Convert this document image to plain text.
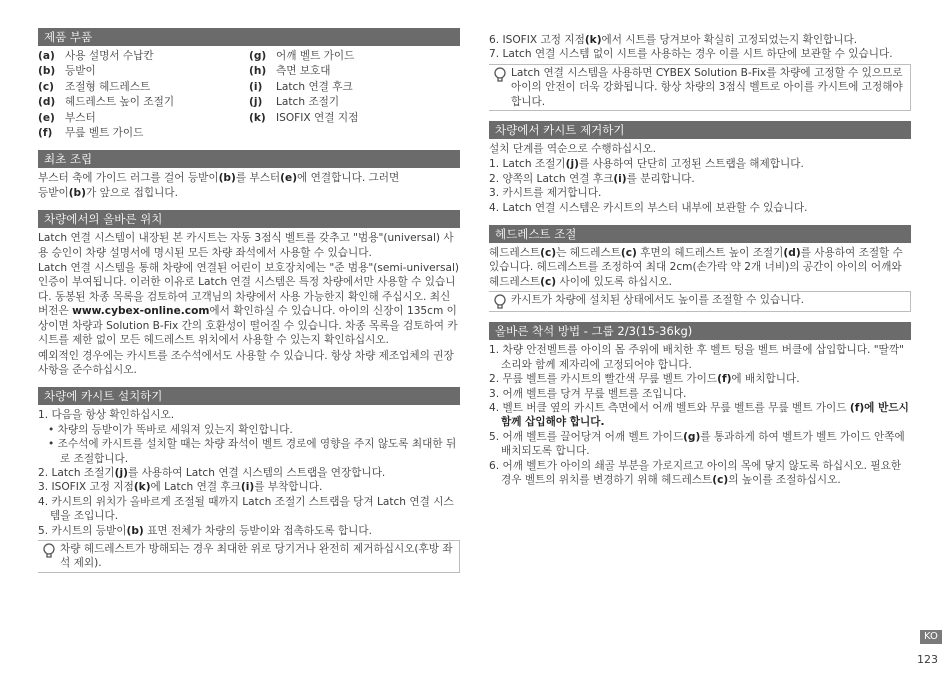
제품 부품
(a) 사용 설명서 수납칸	(g) 어깨 벨트 가이드
(b) 등받이	(h) 측면 보호대
(c) 조절형 헤드레스트	(i) Latch 연결 후크
(d) 헤드레스트 높이 조절기	(j) Latch 조절기
(e) 부스터	(k) ISOFIX 연결 지점
(f) 무릎 벨트 가이드
최초 조립
부스터 축에 가이드 러그를 걸어 등받이(b)를 부스터(e)에 연결합니다. 그러면
등받이(b)가 앞으로 접힙니다.
차량에서의 올바른 위치
Latch 연결 시스템이 내장된 본 카시트는 자동 3점식 벨트를 갖추고 "범용"(universal) 사용 승인이 차량 설명서에 명시된 모든 차량 좌석에서 사용할 수 있습니다.
Latch 연결 시스템을 통해 차량에 연결된 어린이 보호장치에는 "준 범용"(semi-universal) 인증이 부여됩니다. 이러한 이유로 Latch 연결 시스템은 특정 차량에서만 사용할 수 있습니다. 동봉된 차종 목록을 검토하여 고객님의 차량에서 사용 가능한지 확인해 주십시오. 최신 버전은 www.cybex-online.com에서 확인하실 수 있습니다. 아이의 신장이 135cm 이상이면 차량과 Solution B-Fix 간의 호환성이 떨어질 수 있습니다. 차종 목록을 검토하여 카시트를 제한 없이 모든 헤드레스트 위치에서 사용할 수 있는지 확인하십시오.
예외적인 경우에는 카시트를 조수석에서도 사용할 수 있습니다. 항상 차량 제조업체의 권장 사항을 준수하십시오.
차량에 카시트 설치하기
1. 다음을 항상 확인하십시오.
• 차량의 등받이가 똑바로 세워져 있는지 확인합니다.
• 조수석에 카시트를 설치할 때는 차량 좌석이 벨트 경로에 영향을 주지 않도록 최대한 뒤로 조절합니다.
2. Latch 조절기(j)를 사용하여 Latch 연결 시스템의 스트랩을 연장합니다.
3. ISOFIX 고정 지점(k)에 Latch 연결 후크(i)를 부착합니다.
4. 카시트의 위치가 올바르게 조절될 때까지 Latch 조절기 스트랩을 당겨 Latch 연결 시스템을 조입니다.
5. 카시트의 등받이(b) 표면 전체가 차량의 등받이와 접촉하도록 합니다.
차량 헤드레스트가 방해되는 경우 최대한 위로 당기거나 완전히 제거하십시오(후방 좌석 제외).
6. ISOFIX 고정 지점(k)에서 시트를 당겨보아 확실히 고정되었는지 확인합니다.
7. Latch 연결 시스템 없이 시트를 사용하는 경우 이를 시트 하단에 보관할 수 있습니다.
Latch 연결 시스템을 사용하면 CYBEX Solution B-Fix를 차량에 고정할 수 있으므로 아이의 안전이 더욱 강화됩니다. 항상 차량의 3점식 벨트로 아이를 카시트에 고정해야 합니다.
차량에서 카시트 제거하기
설치 단계를 역순으로 수행하십시오.
1. Latch 조절기(j)를 사용하여 단단히 고정된 스트랩을 해제합니다.
2. 양쪽의 Latch 연결 후크(i)를 분리합니다.
3. 카시트를 제거합니다.
4. Latch 연결 시스템은 카시트의 부스터 내부에 보관할 수 있습니다.
헤드레스트 조절
헤드레스트(c)는 헤드레스트(c) 후면의 헤드레스트 높이 조절기(d)를 사용하여 조절할 수 있습니다. 헤드레스트를 조정하여 최대 2cm(손가락 약 2개 너비)의 공간이 아이의 어깨와 헤드레스트(c) 사이에 있도록 하십시오.
카시트가 차량에 설치된 상태에서도 높이를 조절할 수 있습니다.
올바른 착석 방법 - 그룹 2/3(15-36kg)
1. 차량 안전벨트를 아이의 몸 주위에 배치한 후 벨트 텅을 벨트 버클에 삽입합니다. "딸깍" 소리와 함께 제자리에 고정되어야 합니다.
2. 무릎 벨트를 카시트의 빨간색 무릎 벨트 가이드(f)에 배치합니다.
3. 어깨 벨트를 당겨 무릎 벨트를 조입니다.
4. 벨트 버클 옆의 카시트 측면에서 어깨 벨트와 무릎 벨트를 무릎 벨트 가이드 (f)에 반드시 함께 삽입해야 합니다.
5. 어깨 벨트를 끌어당겨 어깨 벨트 가이드(g)를 통과하게 하여 벨트가 벨트 가이드 안쪽에 배치되도록 합니다.
6. 어깨 벨트가 아이의 쇄골 부분을 가로지르고 아이의 목에 닿지 않도록 하십시오. 필요한 경우 벨트의 위치를 변경하기 위해 헤드레스트(c)의 높이를 조절하십시오.
KO
123
